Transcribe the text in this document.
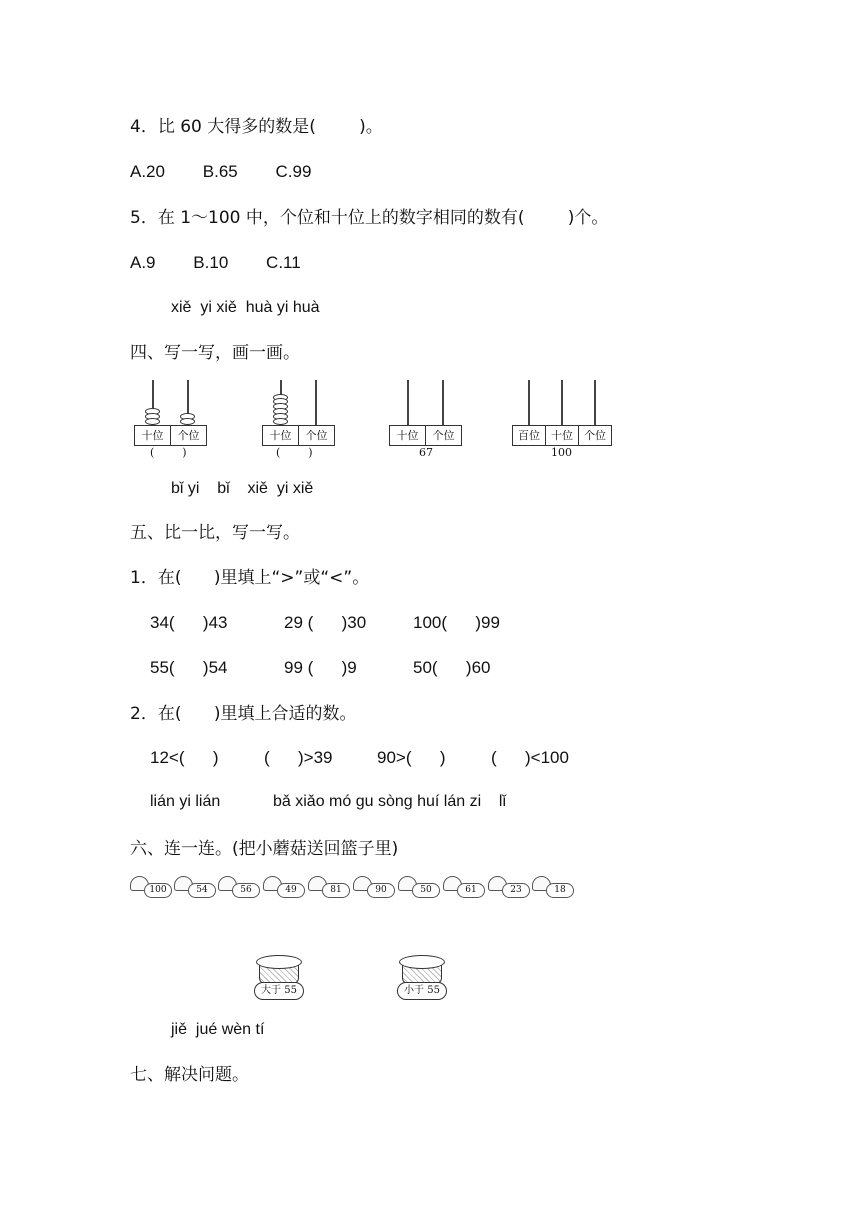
4．比 60 大得多的数是(        )。
A.20        B.65        C.99
5．在 1～100 中，个位和十位上的数字相同的数有(        )个。
A.9        B.10        C.11
xiě  yi xiě  huà yi huà
四、写一写，画一画。
十位	个位
(        )
十位	个位
(        )
十位	个位
67
百位	十位	个位
100
bǐ yi    bǐ    xiě  yi xiě
五、比一比，写一写。
1．在(      )里填上“>”或“<”。
34(      )43	29 (      )30	100(      )99
55(      )54	99 (      )9	50(      )60
2．在(      )里填上合适的数。
12<(      )	(      )>39	90>(      )	(      )<100
lián yi lián	bǎ xiǎo mó gu sòng huí lán zi    lǐ
六、连一连。(把小蘑菇送回篮子里)
100	54	56	49	81	90	50	61	23	18
大于 55	小于 55
jiě  jué wèn tí
七、解决问题。
